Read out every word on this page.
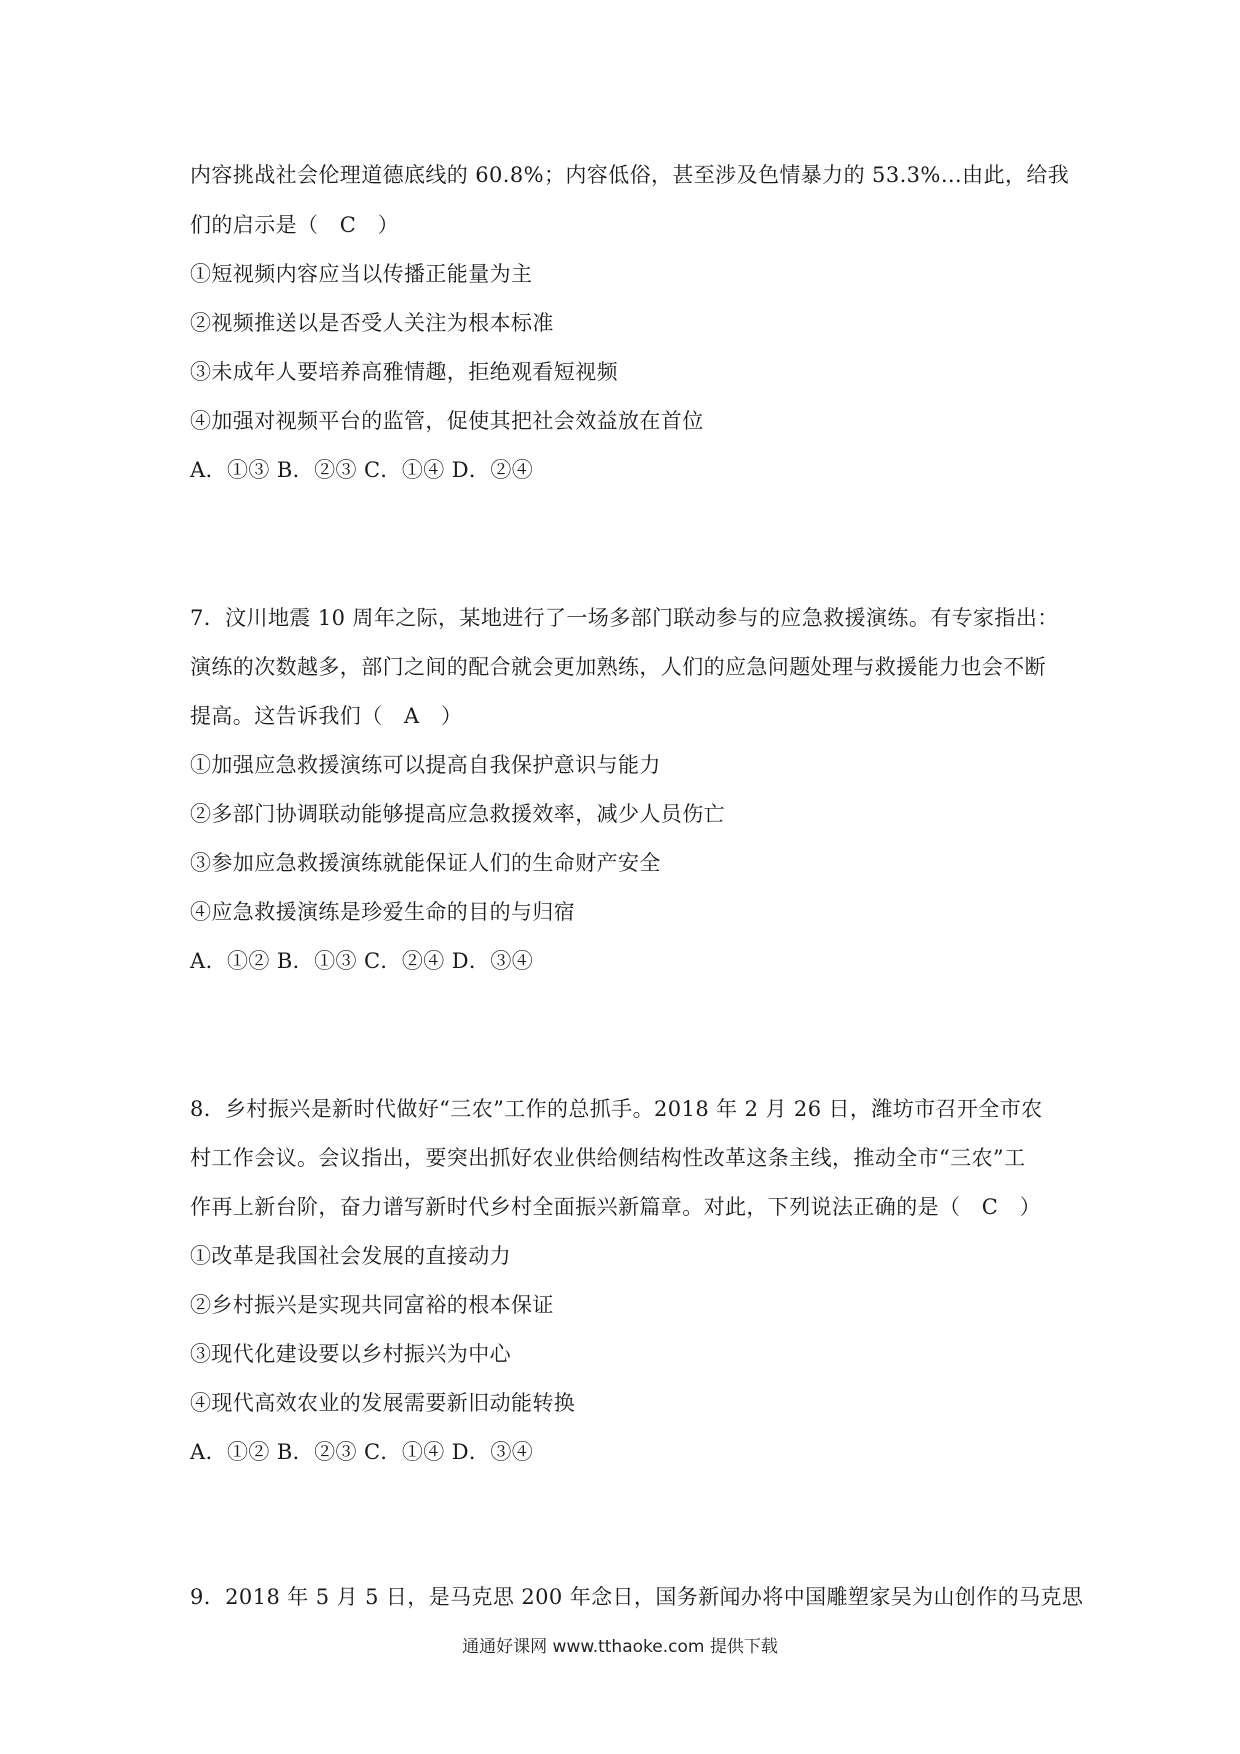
内容挑战社会伦理道德底线的 60.8%；内容低俗，甚至涉及色情暴力的 53.3%…由此，给我
们的启示是（　C　）
①短视频内容应当以传播正能量为主
②视频推送以是否受人关注为根本标准
③未成年人要培养高雅情趣，拒绝观看短视频
④加强对视频平台的监管，促使其把社会效益放在首位
A．①③ B．②③ C．①④ D．②④
7．汶川地震 10 周年之际，某地进行了一场多部门联动参与的应急救援演练。有专家指出：
演练的次数越多，部门之间的配合就会更加熟练，人们的应急问题处理与救援能力也会不断
提高。这告诉我们（　A　）
①加强应急救援演练可以提高自我保护意识与能力
②多部门协调联动能够提高应急救援效率，减少人员伤亡
③参加应急救援演练就能保证人们的生命财产安全
④应急救援演练是珍爱生命的目的与归宿
A．①② B．①③ C．②④ D．③④
8．乡村振兴是新时代做好“三农”工作的总抓手。2018 年 2 月 26 日，潍坊市召开全市农
村工作会议。会议指出，要突出抓好农业供给侧结构性改革这条主线，推动全市“三农”工
作再上新台阶，奋力谱写新时代乡村全面振兴新篇章。对此，下列说法正确的是（　C　）
①改革是我国社会发展的直接动力
②乡村振兴是实现共同富裕的根本保证
③现代化建设要以乡村振兴为中心
④现代高效农业的发展需要新旧动能转换
A．①② B．②③ C．①④ D．③④
9．2018 年 5 月 5 日，是马克思 200 年念日，国务新闻办将中国雕塑家吴为山创作的马克思
通通好课网 www.tthaoke.com 提供下载
